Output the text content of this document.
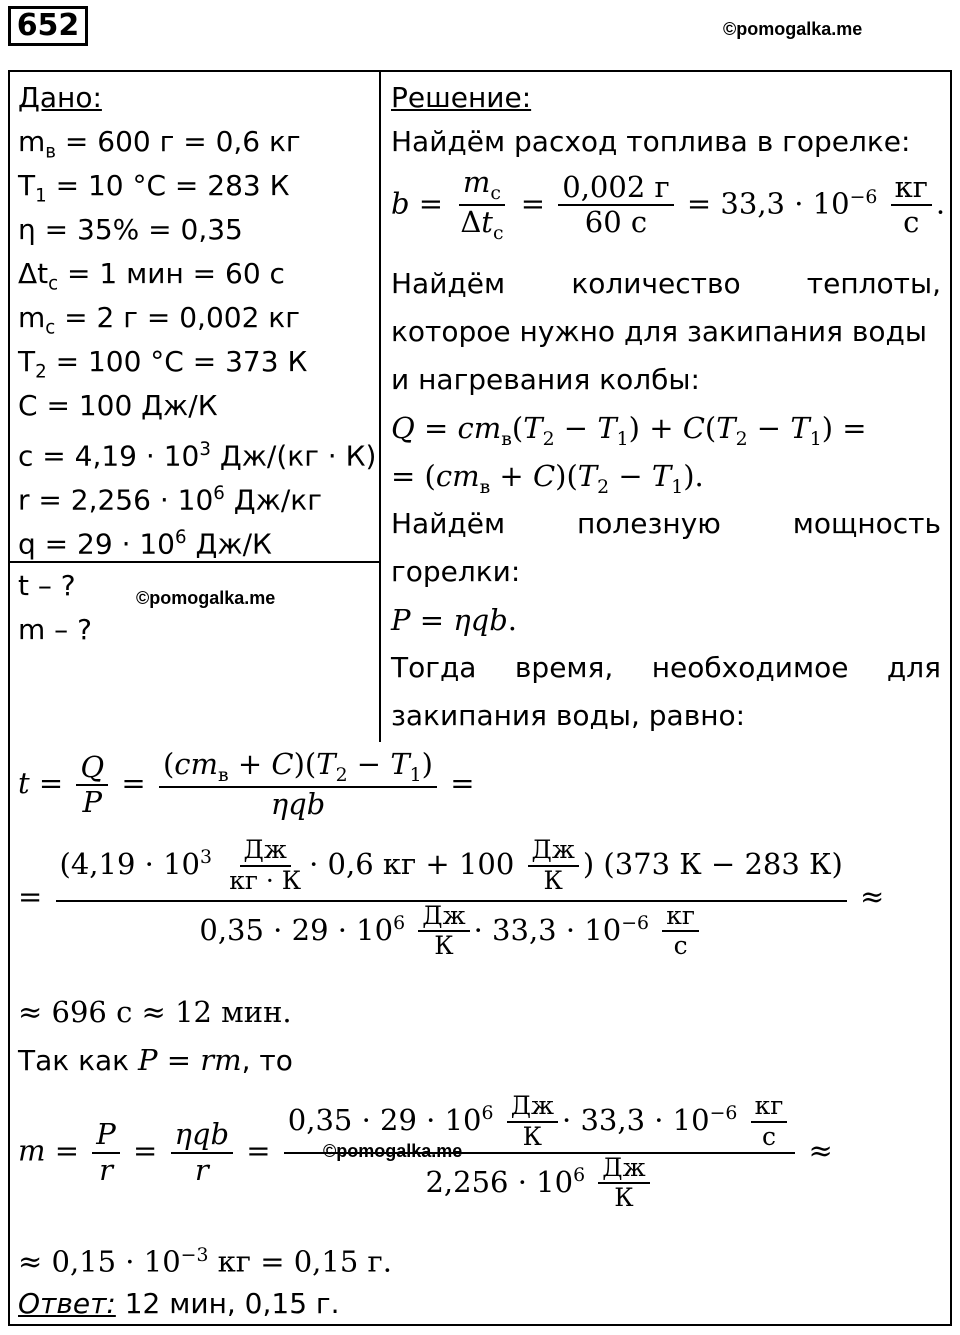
652	©pomogalka.me
Дано:
$m_в = 600$ г = 0,6 кг
$T_1 = 10$ °C = 283 К
η = 35% = 0,35
$\Delta t_с = 1$ мин = 60 с
$m_с = 2$ г = 0,002 кг
$T_2 = 100$ °C = 373 К
C = 100 Дж/К
$c = 4,19 \cdot 10^3$ Дж/(кг · К)
$r = 2,256 \cdot 10^6$ Дж/кг
$q = 29 \cdot 10^6$ Дж/К
t – ?
m – ?
©pomogalka.me
Решение:
Найдём расход топлива в горелке:
$b = \frac{m_c}{\Delta t_c} = \frac{0,002 г}{60 с} = 33,3 \cdot 10^{-6} \frac{кг}{с}$ .
Найдём количество теплоты,
которое нужно для закипания воды
и нагревания колбы:
$Q = cm_в(T_2 - T_1) + C(T_2 - T_1)$ =
= $(cm_в + C)(T_2 - T_1)$.
Найдём	полезную	мощность
горелки:
P = ηqb.
Тогда время, необходимое для
закипания воды, равно:
$t = \frac{Q}{P} = \frac{(cm_в + C)(T_2 - T_1)}{\text{ηqb}}$ =
=
($4,19 \cdot 10^3 \frac{Дж}{кг \cdot К} \cdot 0,6$ кг + $100 \frac{Дж}{К}$ ) (373 К − 283 К)
$0,35 \cdot 29 \cdot 10^6 \frac{Дж}{К} \cdot 33,3 \cdot 10^{-6} \frac{кг}{с}$
≈
≈ 696 с ≈ 12 мин.
Так как P = rm, то
$m = \frac{P}{r} = \frac{\text{ηqb}}{r} = \frac{0,35 \cdot 29 \cdot 10^6 \frac{Дж}{К} \cdot 33,3 \cdot 10^{-6} \frac{кг}{с}}{2,256 \cdot 10^6 \frac{Дж}{К}}$ ≈
©pomogalka.me
≈ $0,15 \cdot 10^{-3}$ кг = 0,15 г.
Ответ: 12 мин, 0,15 г.
